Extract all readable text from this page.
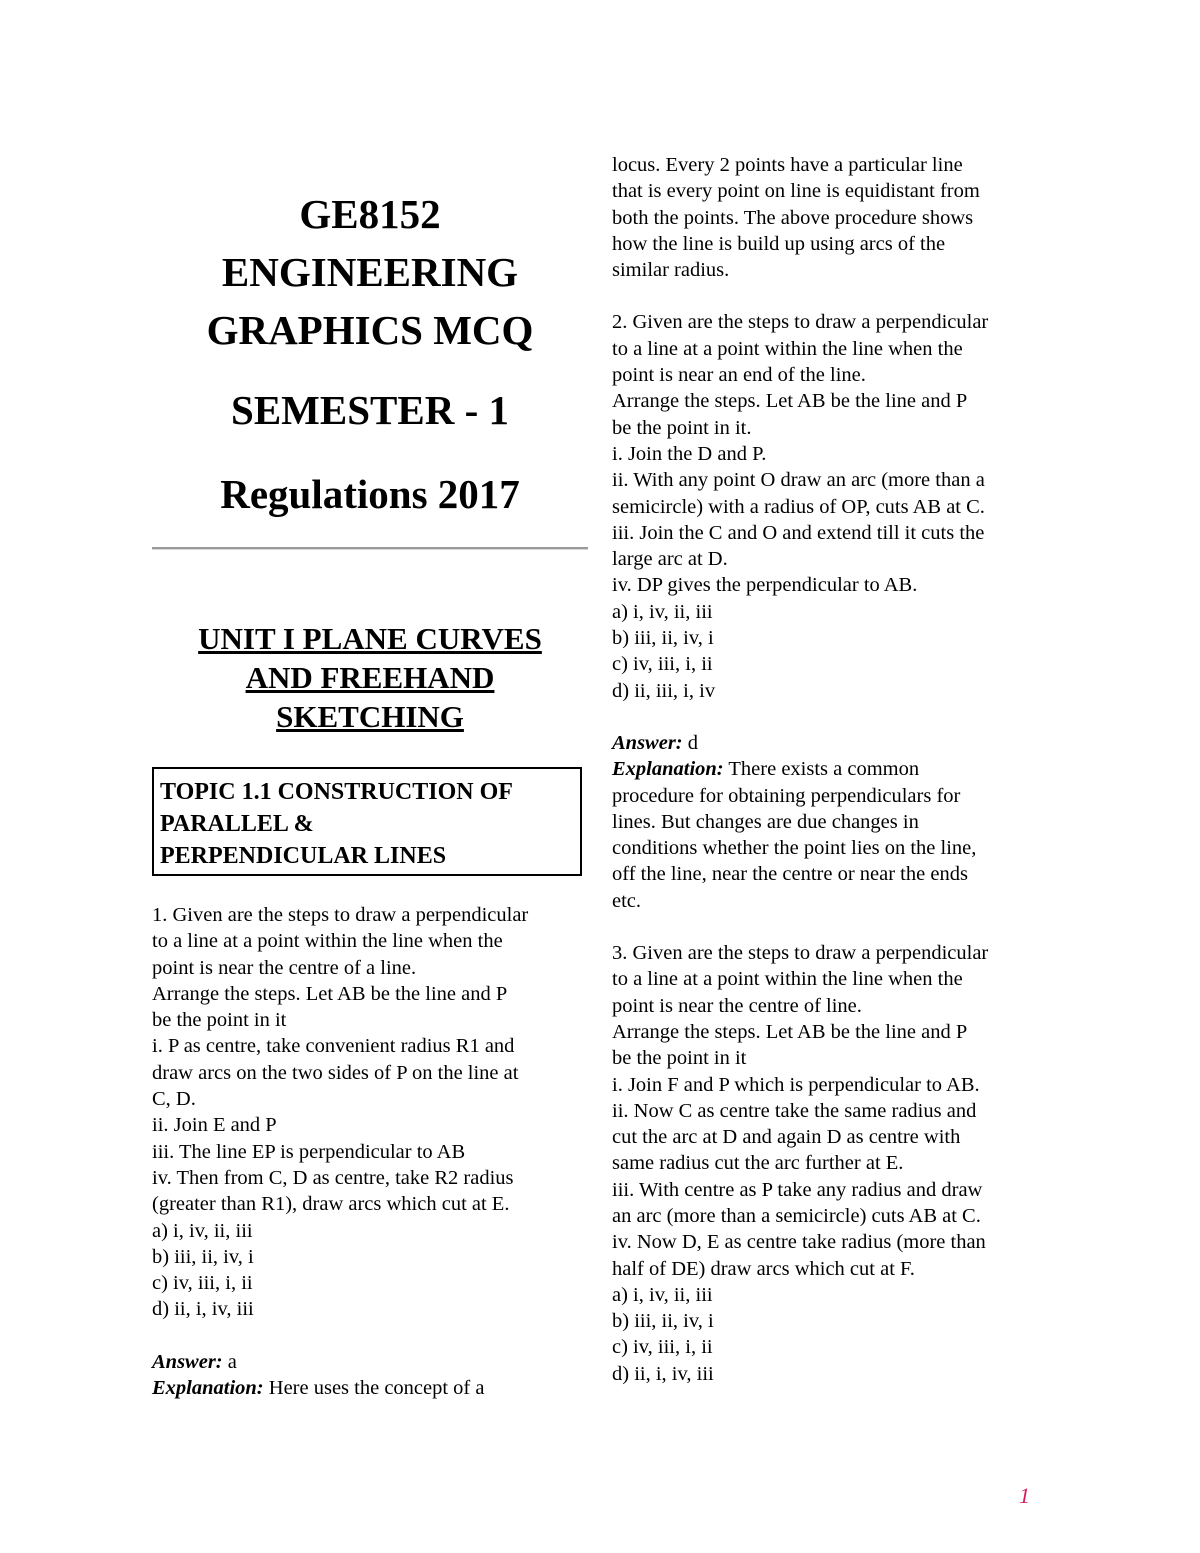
GE8152
ENGINEERING
GRAPHICS MCQ
SEMESTER - 1
Regulations 2017
UNIT I PLANE CURVES
AND FREEHAND
SKETCHING
TOPIC 1.1 CONSTRUCTION OF
PARALLEL &
PERPENDICULAR LINES
1. Given are the steps to draw a perpendicular
to a line at a point within the line when the
point is near the centre of a line.
Arrange the steps. Let AB be the line and P
be the point in it
i. P as centre, take convenient radius R1 and
draw arcs on the two sides of P on the line at
C, D.
ii. Join E and P
iii. The line EP is perpendicular to AB
iv. Then from C, D as centre, take R2 radius
(greater than R1), draw arcs which cut at E.
a) i, iv, ii, iii
b) iii, ii, iv, i
c) iv, iii, i, ii
d) ii, i, iv, iii
Answer: a
Explanation: Here uses the concept of a
locus. Every 2 points have a particular line
that is every point on line is equidistant from
both the points. The above procedure shows
how the line is build up using arcs of the
similar radius.
2. Given are the steps to draw a perpendicular
to a line at a point within the line when the
point is near an end of the line.
Arrange the steps. Let AB be the line and P
be the point in it.
i. Join the D and P.
ii. With any point O draw an arc (more than a
semicircle) with a radius of OP, cuts AB at C.
iii. Join the C and O and extend till it cuts the
large arc at D.
iv. DP gives the perpendicular to AB.
a) i, iv, ii, iii
b) iii, ii, iv, i
c) iv, iii, i, ii
d) ii, iii, i, iv
Answer: d
Explanation: There exists a common
procedure for obtaining perpendiculars for
lines. But changes are due changes in
conditions whether the point lies on the line,
off the line, near the centre or near the ends
etc.
3. Given are the steps to draw a perpendicular
to a line at a point within the line when the
point is near the centre of line.
Arrange the steps. Let AB be the line and P
be the point in it
i. Join F and P which is perpendicular to AB.
ii. Now C as centre take the same radius and
cut the arc at D and again D as centre with
same radius cut the arc further at E.
iii. With centre as P take any radius and draw
an arc (more than a semicircle) cuts AB at C.
iv. Now D, E as centre take radius (more than
half of DE) draw arcs which cut at F.
a) i, iv, ii, iii
b) iii, ii, iv, i
c) iv, iii, i, ii
d) ii, i, iv, iii
1
